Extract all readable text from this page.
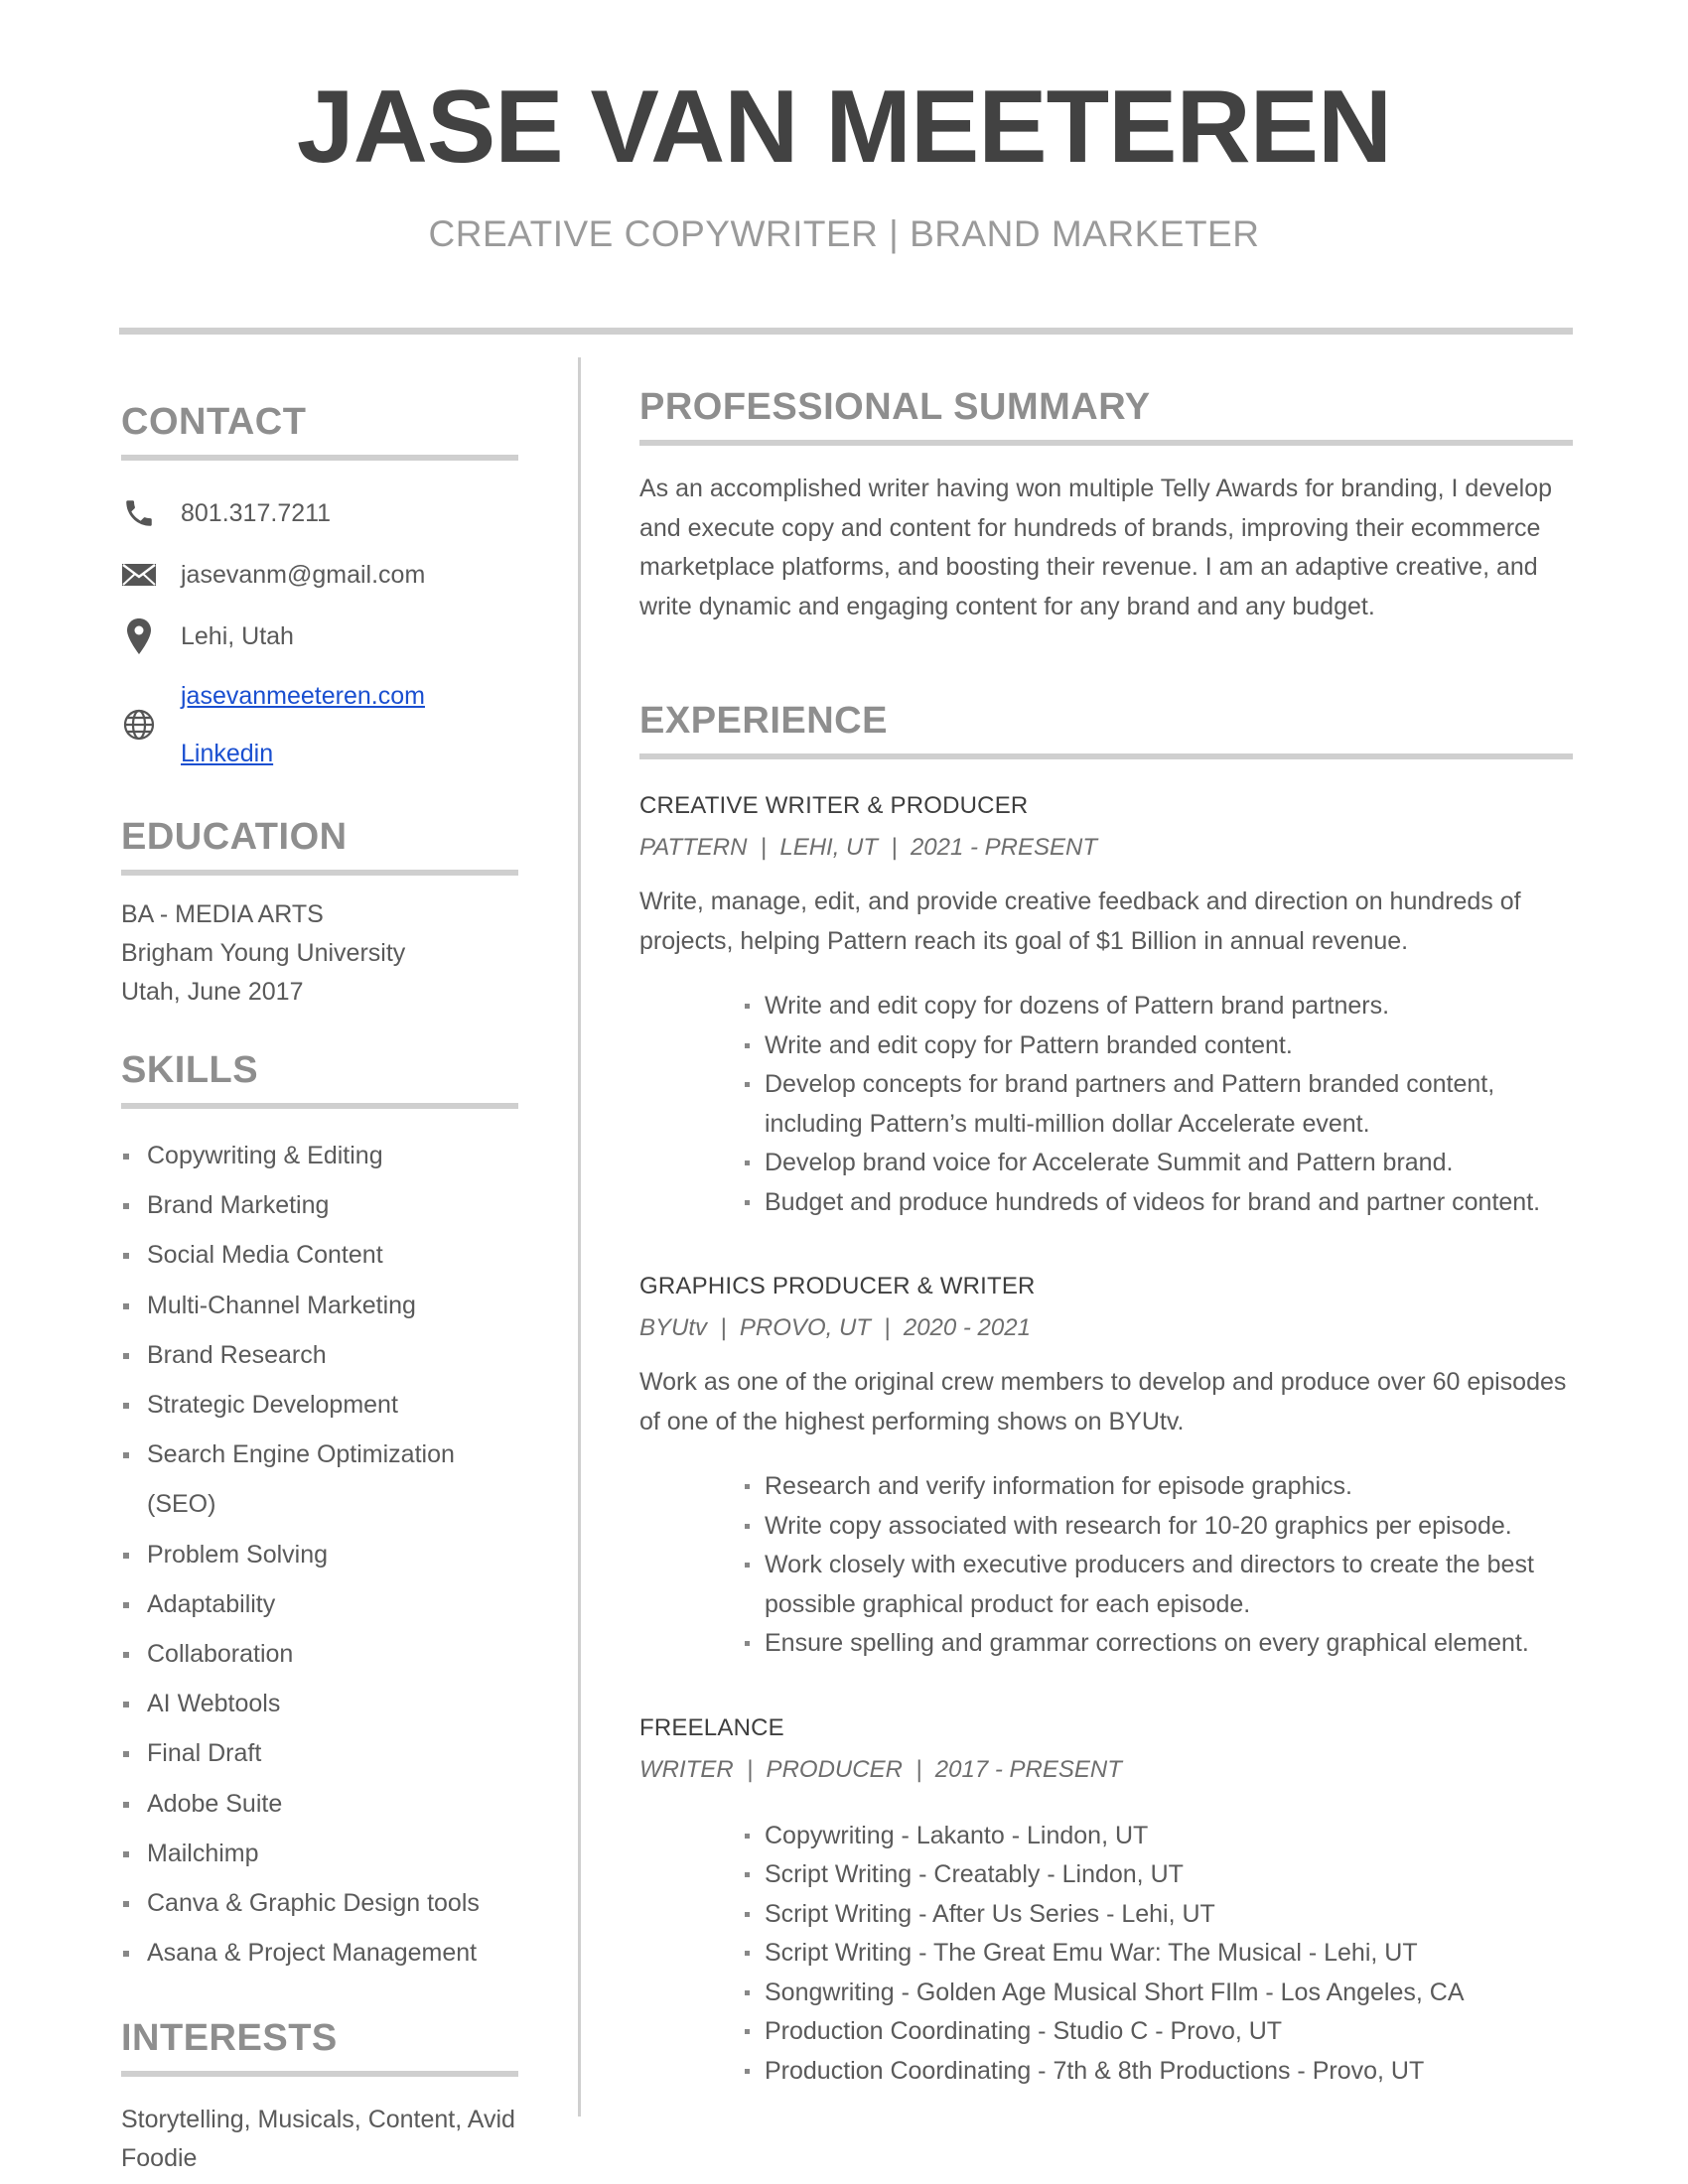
JASE VAN MEETEREN
CREATIVE COPYWRITER | BRAND MARKETER
CONTACT
801.317.7211
jasevanm@gmail.com
Lehi, Utah
jasevanmeeteren.com
Linkedin
EDUCATION
BA - MEDIA ARTS
Brigham Young University
Utah, June 2017
SKILLS
Copywriting & Editing
Brand Marketing
Social Media Content
Multi-Channel Marketing
Brand Research
Strategic Development
Search Engine Optimization (SEO)
Problem Solving
Adaptability
Collaboration
AI Webtools
Final Draft
Adobe Suite
Mailchimp
Canva & Graphic Design tools
Asana & Project Management
INTERESTS
Storytelling, Musicals, Content, Avid Foodie
PROFESSIONAL SUMMARY
As an accomplished writer having won multiple Telly Awards for branding, I develop and execute copy and content for hundreds of brands, improving their ecommerce marketplace platforms, and boosting their revenue. I am an adaptive creative, and write dynamic and engaging content for any brand and any budget.
EXPERIENCE
CREATIVE WRITER & PRODUCER
PATTERN  |  LEHI, UT  |  2021 - PRESENT
Write, manage, edit, and provide creative feedback and direction on hundreds of projects, helping Pattern reach its goal of $1 Billion in annual revenue.
Write and edit copy for dozens of Pattern brand partners.
Write and edit copy for Pattern branded content.
Develop concepts for brand partners and Pattern branded content, including Pattern’s multi-million dollar Accelerate event.
Develop brand voice for Accelerate Summit and Pattern brand.
Budget and produce hundreds of videos for brand and partner content.
GRAPHICS PRODUCER & WRITER
BYUtv  |  PROVO, UT  |  2020 - 2021
Work as one of the original crew members to develop and produce over 60 episodes of one of the highest performing shows on BYUtv.
Research and verify information for episode graphics.
Write copy associated with research for 10-20 graphics per episode.
Work closely with executive producers and directors to create the best possible graphical product for each episode.
Ensure spelling and grammar corrections on every graphical element.
FREELANCE
WRITER  |  PRODUCER  |  2017 - PRESENT
Copywriting - Lakanto - Lindon, UT
Script Writing - Creatably - Lindon, UT
Script Writing - After Us Series - Lehi, UT
Script Writing - The Great Emu War: The Musical - Lehi, UT
Songwriting - Golden Age Musical Short FIlm - Los Angeles, CA
Production Coordinating - Studio C - Provo, UT
Production Coordinating - 7th & 8th Productions - Provo, UT
